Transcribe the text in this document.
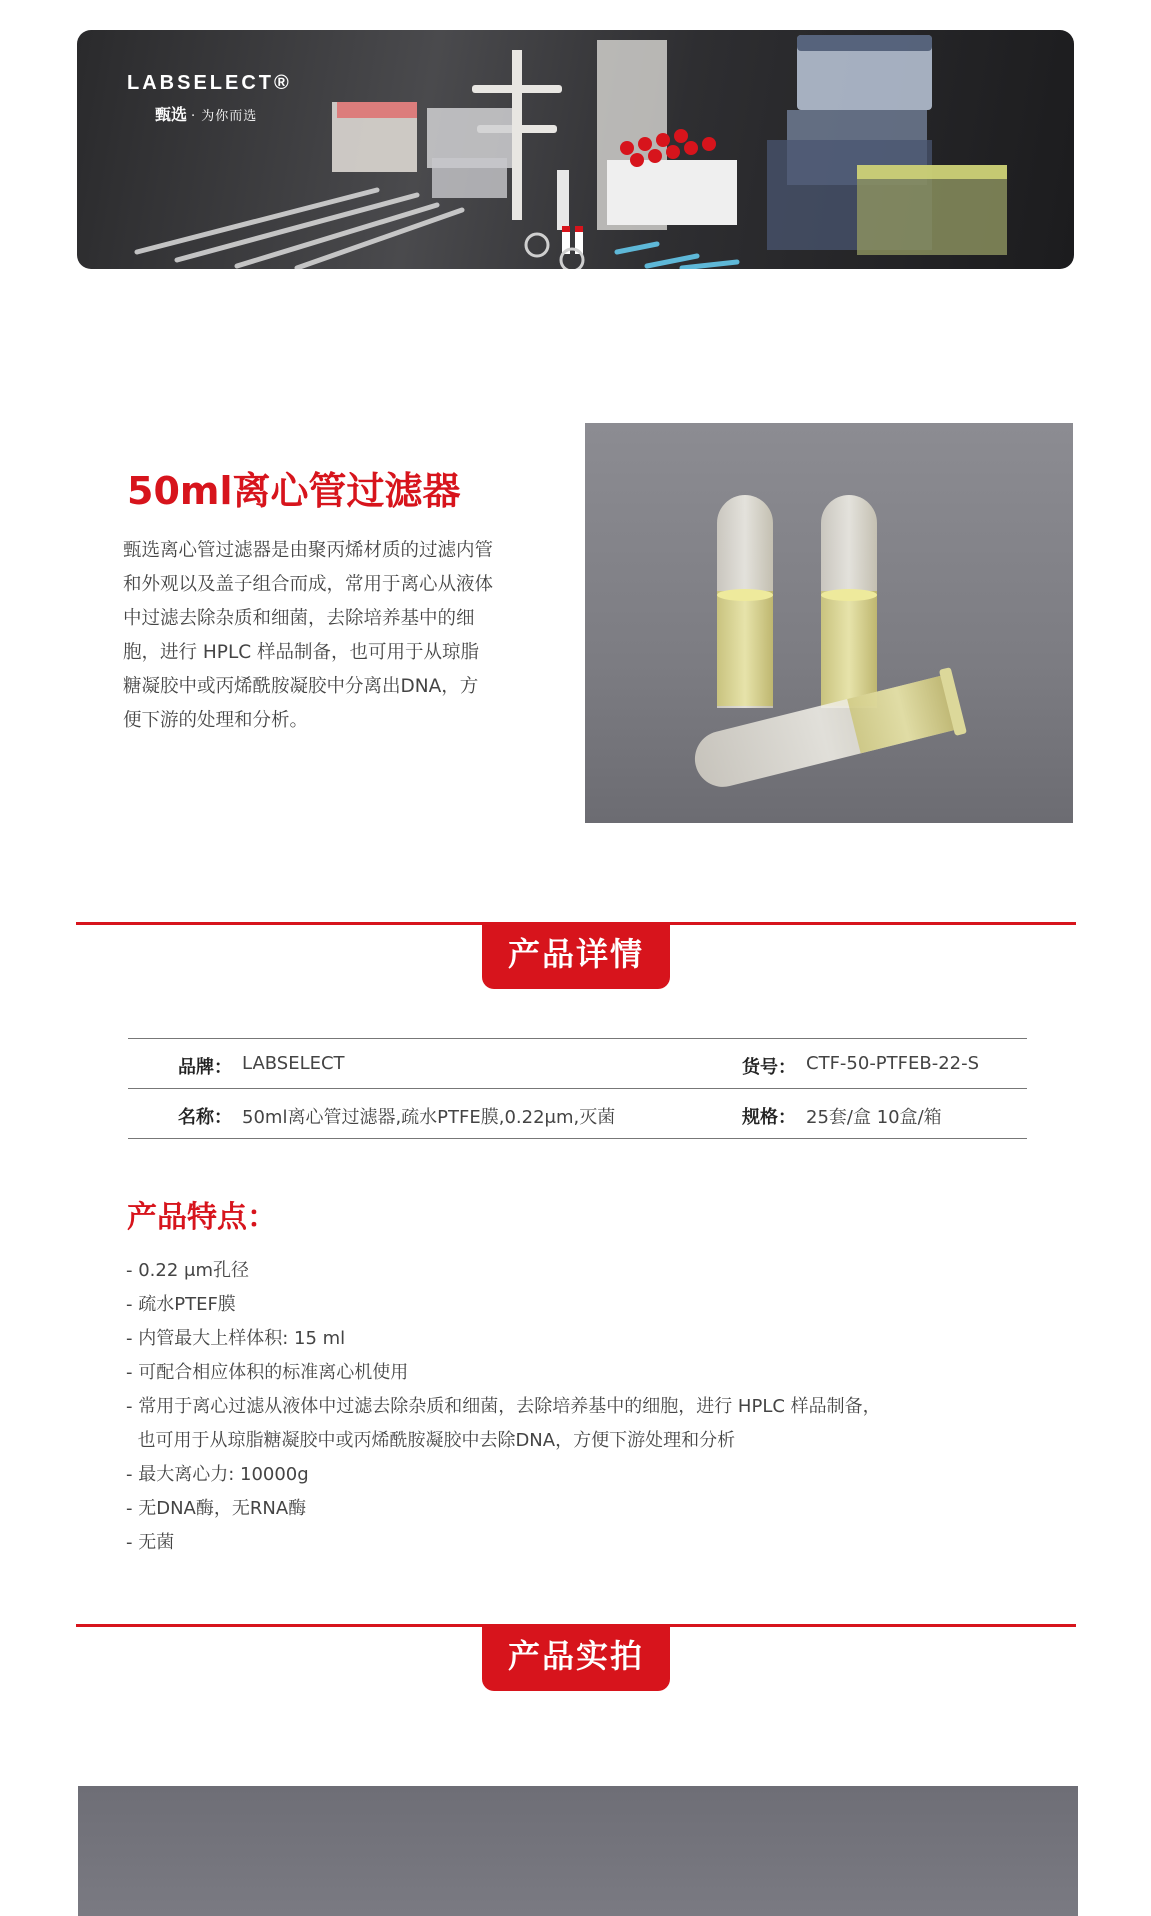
LABSELECT®
甄选 · 为你而选
50ml离心管过滤器

甄选离心管过滤器是由聚丙烯材质的过滤内管和外观以及盖子组合而成，常用于离心从液体中过滤去除杂质和细菌，去除培养基中的细胞，进行 HPLC 样品制备，也可用于从琼脂糖凝胶中或丙烯酰胺凝胶中分离出DNA，方便下游的处理和分析。

产品详情
品牌： LABSELECT	货号： CTF-50-PTFEB-22-S
名称： 50ml离心管过滤器,疏水PTFE膜,0.22μm,灭菌	规格： 25套/盒 10盒/箱
产品特点：
- 0.22 μm孔径
- 疏水PTEF膜
- 内管最大上样体积: 15 ml
- 可配合相应体积的标准离心机使用
- 常用于离心过滤从液体中过滤去除杂质和细菌，去除培养基中的细胞，进行 HPLC 样品制备，
也可用于从琼脂糖凝胶中或丙烯酰胺凝胶中去除DNA，方便下游处理和分析
- 最大离心力: 10000g
- 无DNA酶，无RNA酶
- 无菌
产品实拍
